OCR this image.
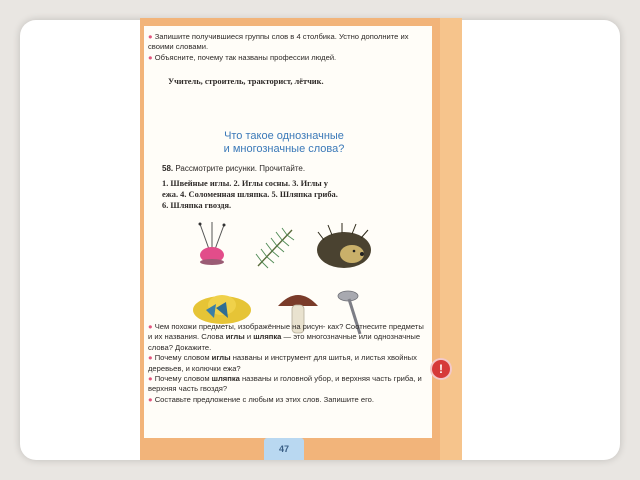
● Запишите получившиеся группы слов в 4 столбика. Устно дополните их своими словами.

● Объясните, почему так названы профессии людей.

Учитель, строитель, тракторист, лётчик.
Что такое однозначные
и многозначные слова?
58. Рассмотрите рисунки. Прочитайте.
1. Швейные иглы. 2. Иглы сосны. 3. Иглы у
ежа. 4. Соломенная шляпка. 5. Шляпка гриба.
6. Шляпка гвоздя.

● Чем похожи предметы, изображённые на рисун- ках? Соотнесите предметы и их названия. Слова иглы и шляпка — это многозначные или однозначные слова? Докажите.

● Почему словом иглы названы и инструмент для шитья, и листья хвойных деревьев, и колючки ежа?

● Почему словом шляпка названы и головной убор, и верхняя часть гриба, и верхняя часть гвоздя?

● Составьте предложение с любым из этих слов. Запишите его.

47
!
